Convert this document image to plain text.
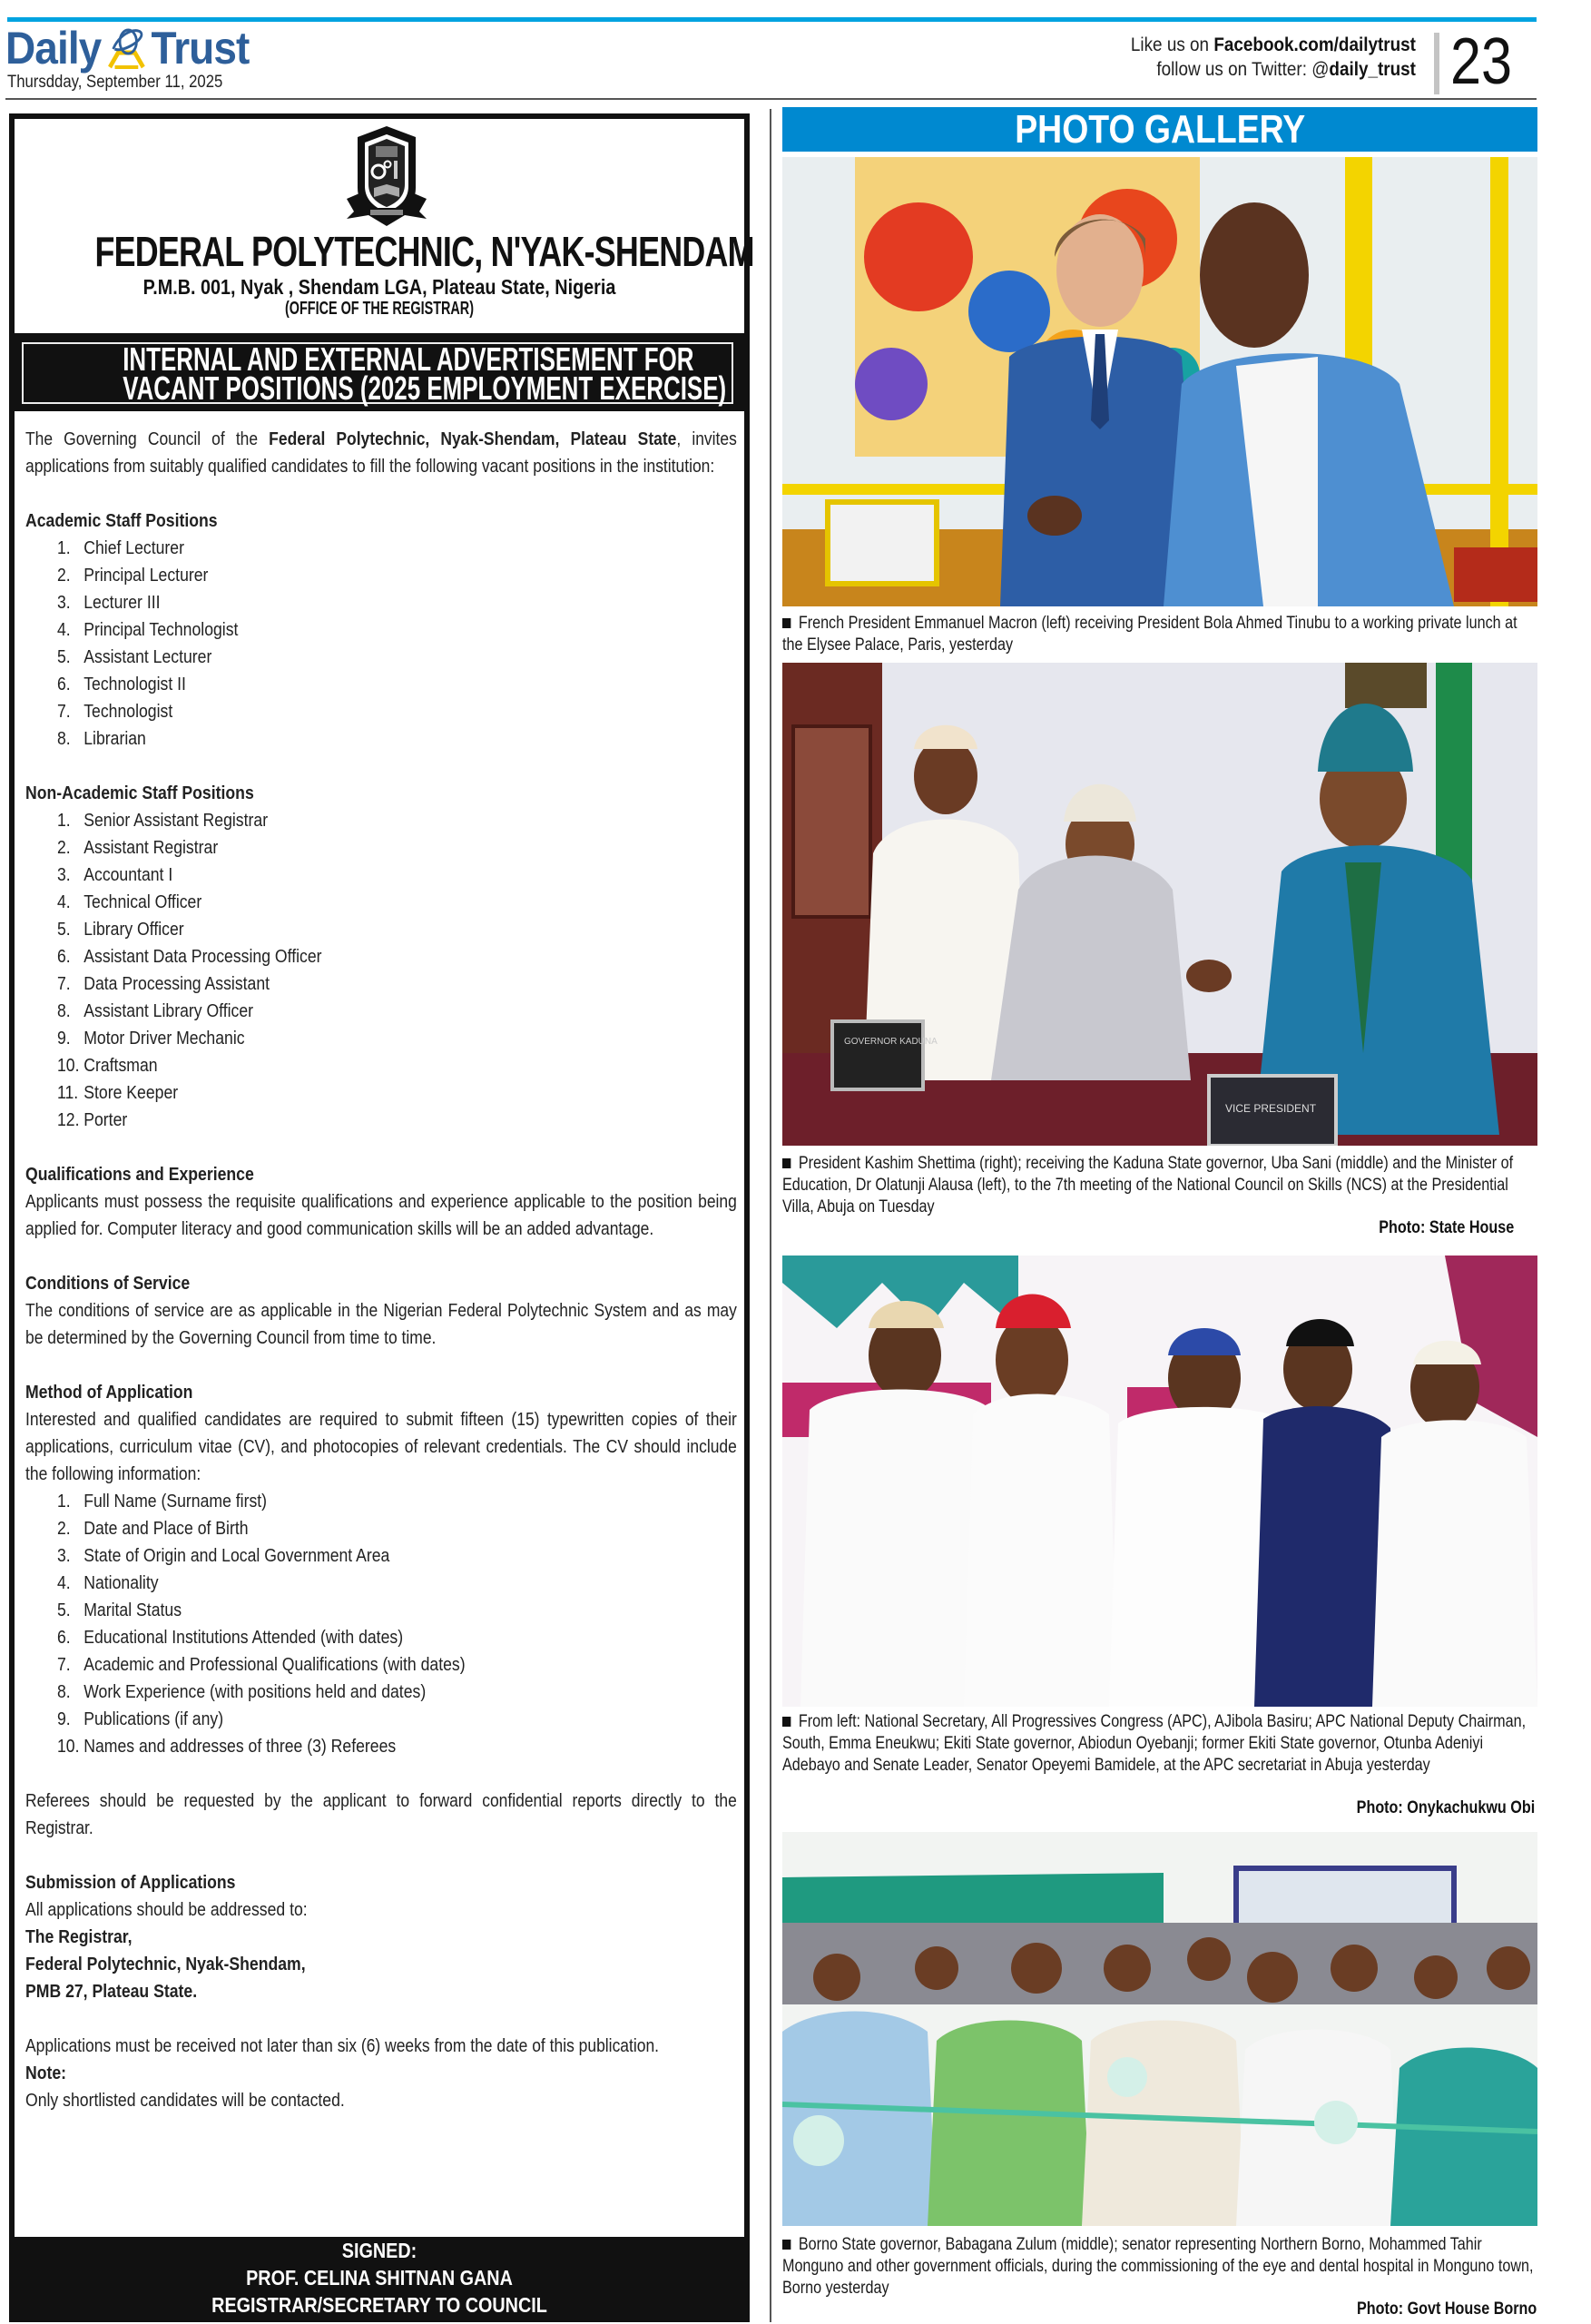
Daily Trust
Thursdday, September 11, 2025
Like us on Facebook.com/dailytrust
follow us on Twitter: @daily_trust 23
FEDERAL POLYTECHNIC, N'YAK-SHENDAM
P.M.B. 001, Nyak , Shendam LGA, Plateau State, Nigeria
(OFFICE OF THE REGISTRAR)
INTERNAL AND EXTERNAL ADVERTISEMENT FOR
VACANT POSITIONS (2025 EMPLOYMENT EXERCISE)

The Governing Council of the Federal Polytechnic, Nyak-Shendam, Plateau State, invites applications from suitably qualified candidates to fill the following vacant positions in the institution:

Academic Staff Positions

1. Chief Lecturer
2. Principal Lecturer
3. Lecturer III
4. Principal Technologist
5. Assistant Lecturer
6. Technologist II
7. Technologist
8. Librarian

Non-Academic Staff Positions

1. Senior Assistant Registrar
2. Assistant Registrar
3. Accountant I
4. Technical Officer
5. Library Officer
6. Assistant Data Processing Officer
7. Data Processing Assistant
8. Assistant Library Officer
9. Motor Driver Mechanic
10. Craftsman
11. Store Keeper
12. Porter

Qualifications and Experience

Applicants must possess the requisite qualifications and experience applicable to the position being applied for. Computer literacy and good communication skills will be an added advantage.

Conditions of Service

The conditions of service are as applicable in the Nigerian Federal Polytechnic System and as may be determined by the Governing Council from time to time.

Method of Application

Interested and qualified candidates are required to submit fifteen (15) typewritten copies of their applications, curriculum vitae (CV), and photocopies of relevant credentials. The CV should include the following information:

1. Full Name (Surname first)
2. Date and Place of Birth
3. State of Origin and Local Government Area
4. Nationality
5. Marital Status
6. Educational Institutions Attended (with dates)
7. Academic and Professional Qualifications (with dates)
8. Work Experience (with positions held and dates)
9. Publications (if any)
10. Names and addresses of three (3) Referees

Referees should be requested by the applicant to forward confidential reports directly to the Registrar.

Submission of Applications

All applications should be addressed to:

The Registrar,

Federal Polytechnic, Nyak-Shendam,

PMB 27, Plateau State.

Applications must be received not later than six (6) weeks from the date of this publication.

Note:

Only shortlisted candidates will be contacted.

SIGNED:
PROF. CELINA SHITNAN GANA
REGISTRAR/SECRETARY TO COUNCIL
PHOTO GALLERY
French President Emmanuel Macron (left) receiving President Bola Ahmed Tinubu to a working private lunch at the Elysee Palace, Paris, yesterday
GOVERNOR KADUNA
VICE PRESIDENT
President Kashim Shettima (right); receiving the Kaduna State governor, Uba Sani (middle) and the Minister of Education, Dr Olatunji Alausa (left), to the 7th meeting of the National Council on Skills (NCS) at the Presidential Villa, Abuja on Tuesday
Photo: State House
From left: National Secretary, All Progressives Congress (APC), AJibola Basiru; APC National Deputy Chairman, South, Emma Eneukwu; Ekiti State governor, Abiodun Oyebanji; former Ekiti State governor, Otunba Adeniyi Adebayo and Senate Leader, Senator Opeyemi Bamidele, at the APC secretariat in Abuja yesterday
Photo: Onykachukwu Obi
Borno State governor, Babagana Zulum (middle); senator representing Northern Borno, Mohammed Tahir Monguno and other government officials, during the commissioning of the eye and dental hospital in Monguno town, Borno yesterday
Photo: Govt House Borno
